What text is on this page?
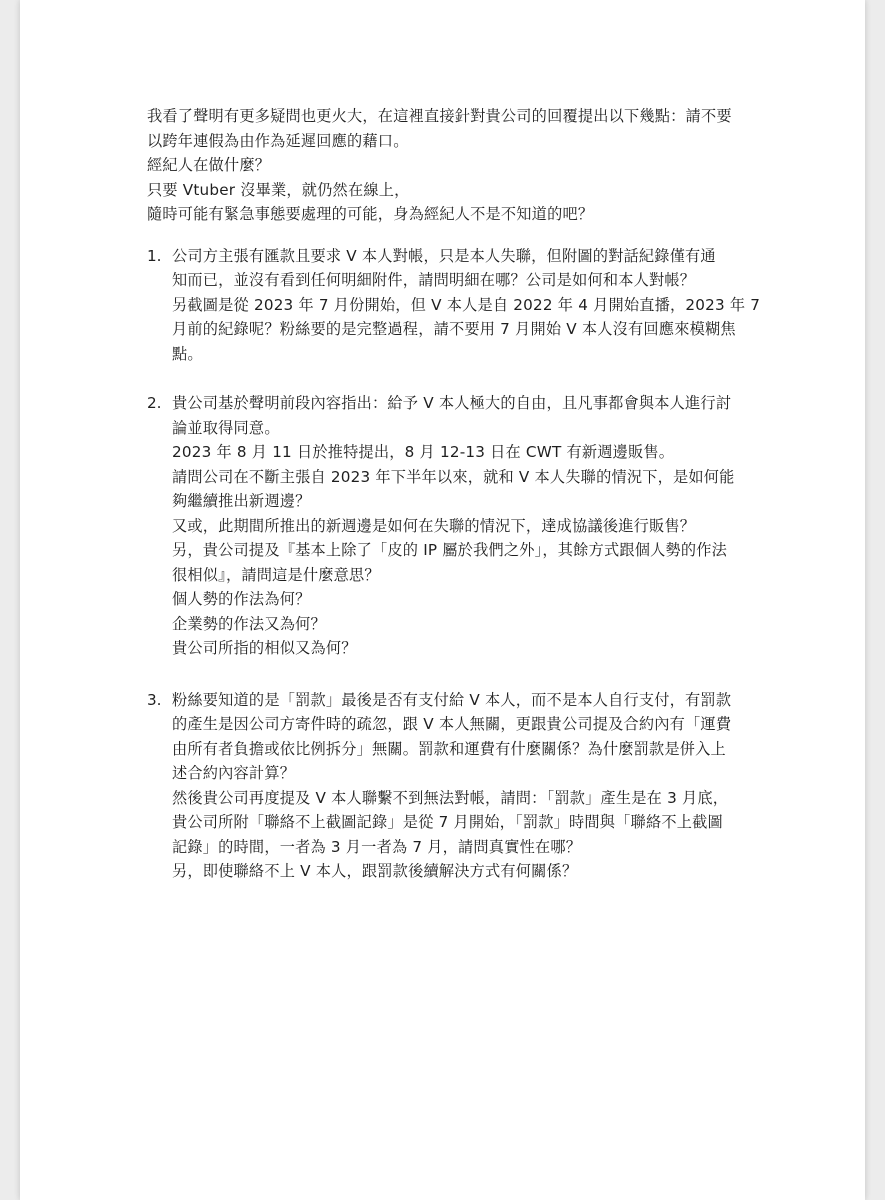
我看了聲明有更多疑問也更火大，在這裡直接針對貴公司的回覆提出以下幾點：請不要
以跨年連假為由作為延遲回應的藉口。
經紀人在做什麼？
只要 Vtuber 沒畢業，就仍然在線上，
隨時可能有緊急事態要處理的可能，身為經紀人不是不知道的吧？
1. 公司方主張有匯款且要求 V 本人對帳，只是本人失聯，但附圖的對話紀錄僅有通
知而已，並沒有看到任何明細附件，請問明細在哪？公司是如何和本人對帳？
另截圖是從 2023 年 7 月份開始，但 V 本人是自 2022 年 4 月開始直播，2023 年 7
月前的紀錄呢？粉絲要的是完整過程，請不要用 7 月開始 V 本人沒有回應來模糊焦
點。
2. 貴公司基於聲明前段內容指出：給予 V 本人極大的自由，且凡事都會與本人進行討
論並取得同意。
2023 年 8 月 11 日於推特提出，8 月 12-13 日在 CWT 有新週邊販售。
請問公司在不斷主張自 2023 年下半年以來，就和 V 本人失聯的情況下，是如何能
夠繼續推出新週邊？
又或，此期間所推出的新週邊是如何在失聯的情況下，達成協議後進行販售？
另，貴公司提及『基本上除了「皮的 IP 屬於我們之外」，其餘方式跟個人勢的作法
很相似』，請問這是什麼意思？
個人勢的作法為何？
企業勢的作法又為何？
貴公司所指的相似又為何？
3. 粉絲要知道的是「罰款」最後是否有支付給 V 本人，而不是本人自行支付，有罰款
的產生是因公司方寄件時的疏忽，跟 V 本人無關，更跟貴公司提及合約內有「運費
由所有者負擔或依比例拆分」無關。罰款和運費有什麼關係？為什麼罰款是併入上
述合約內容計算？
然後貴公司再度提及 V 本人聯繫不到無法對帳，請問：「罰款」產生是在 3 月底，
貴公司所附「聯絡不上截圖記錄」是從 7 月開始，「罰款」時間與「聯絡不上截圖
記錄」的時間，一者為 3 月一者為 7 月，請問真實性在哪？
另，即使聯絡不上 V 本人，跟罰款後續解決方式有何關係？
